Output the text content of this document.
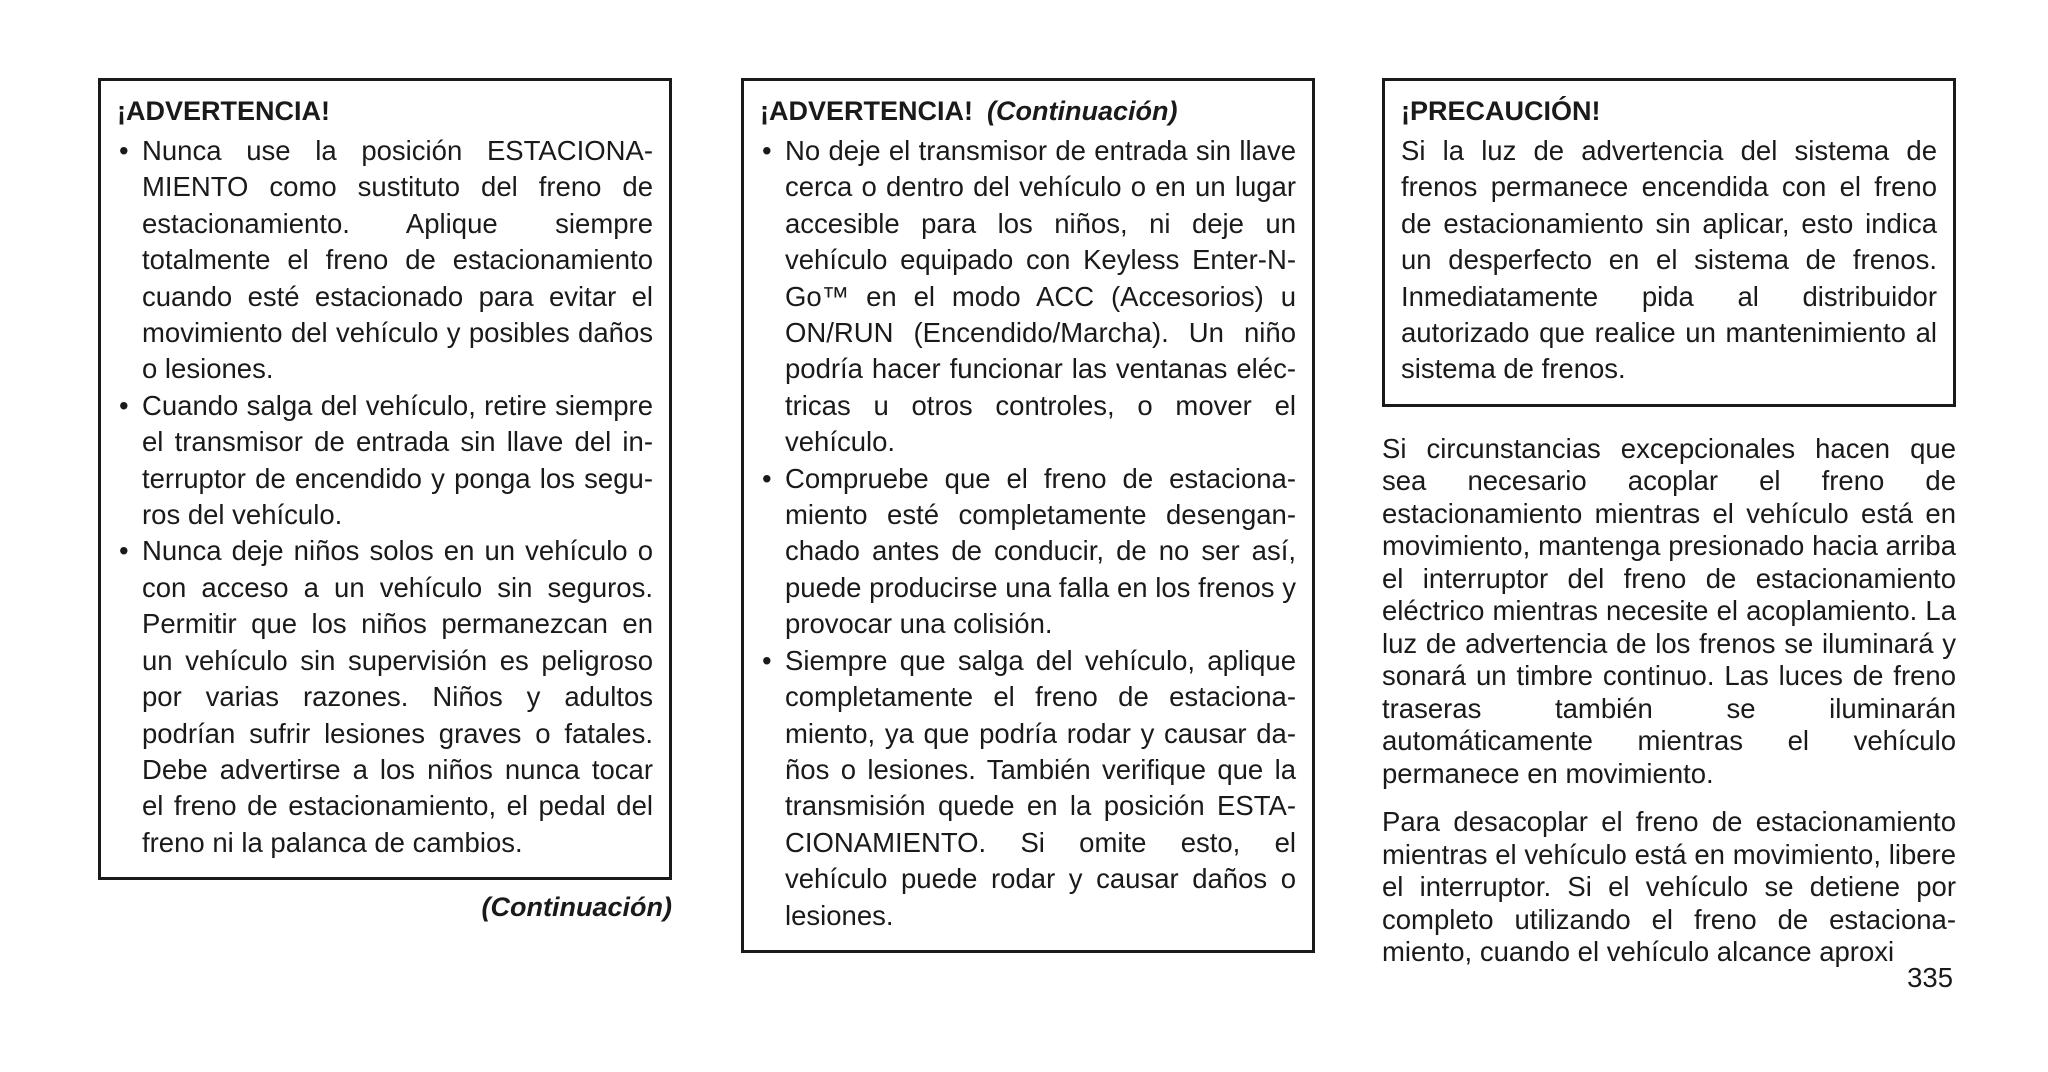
¡ADVERTENCIA!
• Nunca use la posición ESTACIONAMIENTO como sustituto del freno de estacionamiento. Aplique siempre totalmente el freno de estacionamiento cuando esté estacionado para evitar el movimiento del vehículo y posibles daños o lesiones.
• Cuando salga del vehículo, retire siempre el transmisor de entrada sin llave del interruptor de encendido y ponga los seguros del vehículo.
• Nunca deje niños solos en un vehículo o con acceso a un vehículo sin seguros. Permitir que los niños permanezcan en un vehículo sin supervisión es peligroso por varias razones. Niños y adultos podrían sufrir lesiones graves o fatales. Debe advertirse a los niños nunca tocar el freno de estacionamiento, el pedal del freno ni la palanca de cambios.
(Continuación)
¡ADVERTENCIA! (Continuación)
• No deje el transmisor de entrada sin llave cerca o dentro del vehículo o en un lugar accesible para los niños, ni deje un vehículo equipado con Keyless Enter-N-Go™ en el modo ACC (Accesorios) u ON/RUN (Encendido/Marcha). Un niño podría hacer funcionar las ventanas eléctricas u otros controles, o mover el vehículo.
• Compruebe que el freno de estacionamiento esté completamente desenganchado antes de conducir, de no ser así, puede producirse una falla en los frenos y provocar una colisión.
• Siempre que salga del vehículo, aplique completamente el freno de estacionamiento, ya que podría rodar y causar daños o lesiones. También verifique que la transmisión quede en la posición ESTACIONAMIENTO. Si omite esto, el vehículo puede rodar y causar daños o lesiones.
¡PRECAUCIÓN!

Si la luz de advertencia del sistema de frenos permanece encendida con el freno de estacionamiento sin aplicar, esto indica un desperfecto en el sistema de frenos. Inmediatamente pida al distribuidor autorizado que realice un mantenimiento al sistema de frenos.

Si circunstancias excepcionales hacen que sea necesario acoplar el freno de estacionamiento mientras el vehículo está en movimiento, mantenga presionado hacia arriba el interruptor del freno de estacionamiento eléctrico mientras necesite el acoplamiento. La luz de advertencia de los frenos se iluminará y sonará un timbre continuo. Las luces de freno traseras también se iluminarán automáticamente mientras el vehículo permanece en movimiento.

Para desacoplar el freno de estacionamiento mientras el vehículo está en movimiento, libere el interruptor. Si el vehículo se detiene por completo utilizando el freno de estacionamiento, cuando el vehículo alcance aproxi

335
